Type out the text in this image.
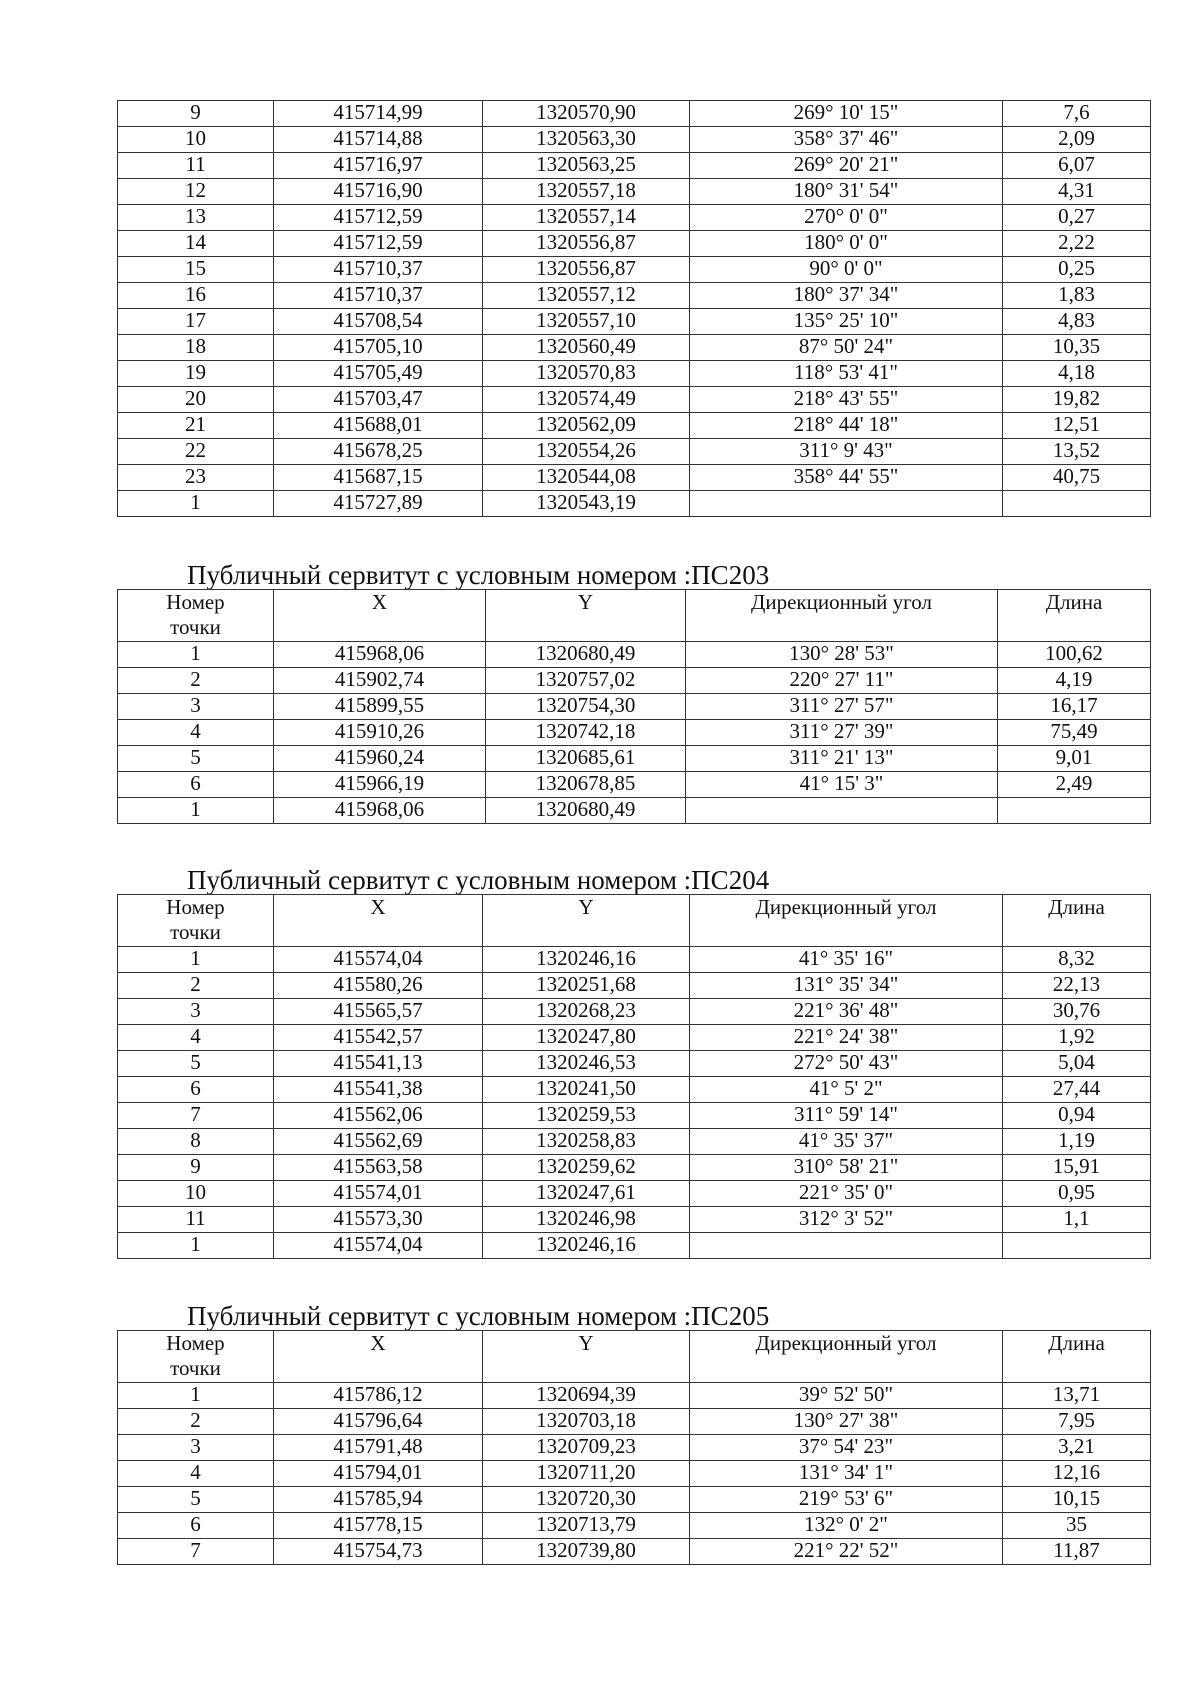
9	415714,99	1320570,90	269° 10' 15"	7,6
10	415714,88	1320563,30	358° 37' 46"	2,09
11	415716,97	1320563,25	269° 20' 21"	6,07
12	415716,90	1320557,18	180° 31' 54"	4,31
13	415712,59	1320557,14	270° 0' 0"	0,27
14	415712,59	1320556,87	180° 0' 0"	2,22
15	415710,37	1320556,87	90° 0' 0"	0,25
16	415710,37	1320557,12	180° 37' 34"	1,83
17	415708,54	1320557,10	135° 25' 10"	4,83
18	415705,10	1320560,49	87° 50' 24"	10,35
19	415705,49	1320570,83	118° 53' 41"	4,18
20	415703,47	1320574,49	218° 43' 55"	19,82
21	415688,01	1320562,09	218° 44' 18"	12,51
22	415678,25	1320554,26	311° 9' 43"	13,52
23	415687,15	1320544,08	358° 44' 55"	40,75
1	415727,89	1320543,19		
Публичный сервитут с условным номером :ПС203
Номер
точки	X	Y	Дирекционный угол	Длина
1	415968,06	1320680,49	130° 28' 53"	100,62
2	415902,74	1320757,02	220° 27' 11"	4,19
3	415899,55	1320754,30	311° 27' 57"	16,17
4	415910,26	1320742,18	311° 27' 39"	75,49
5	415960,24	1320685,61	311° 21' 13"	9,01
6	415966,19	1320678,85	41° 15' 3"	2,49
1	415968,06	1320680,49		
Публичный сервитут с условным номером :ПС204
Номер
точки	X	Y	Дирекционный угол	Длина
1	415574,04	1320246,16	41° 35' 16"	8,32
2	415580,26	1320251,68	131° 35' 34"	22,13
3	415565,57	1320268,23	221° 36' 48"	30,76
4	415542,57	1320247,80	221° 24' 38"	1,92
5	415541,13	1320246,53	272° 50' 43"	5,04
6	415541,38	1320241,50	41° 5' 2"	27,44
7	415562,06	1320259,53	311° 59' 14"	0,94
8	415562,69	1320258,83	41° 35' 37"	1,19
9	415563,58	1320259,62	310° 58' 21"	15,91
10	415574,01	1320247,61	221° 35' 0"	0,95
11	415573,30	1320246,98	312° 3' 52"	1,1
1	415574,04	1320246,16		
Публичный сервитут с условным номером :ПС205
Номер
точки	X	Y	Дирекционный угол	Длина
1	415786,12	1320694,39	39° 52' 50"	13,71
2	415796,64	1320703,18	130° 27' 38"	7,95
3	415791,48	1320709,23	37° 54' 23"	3,21
4	415794,01	1320711,20	131° 34' 1"	12,16
5	415785,94	1320720,30	219° 53' 6"	10,15
6	415778,15	1320713,79	132° 0' 2"	35
7	415754,73	1320739,80	221° 22' 52"	11,87
